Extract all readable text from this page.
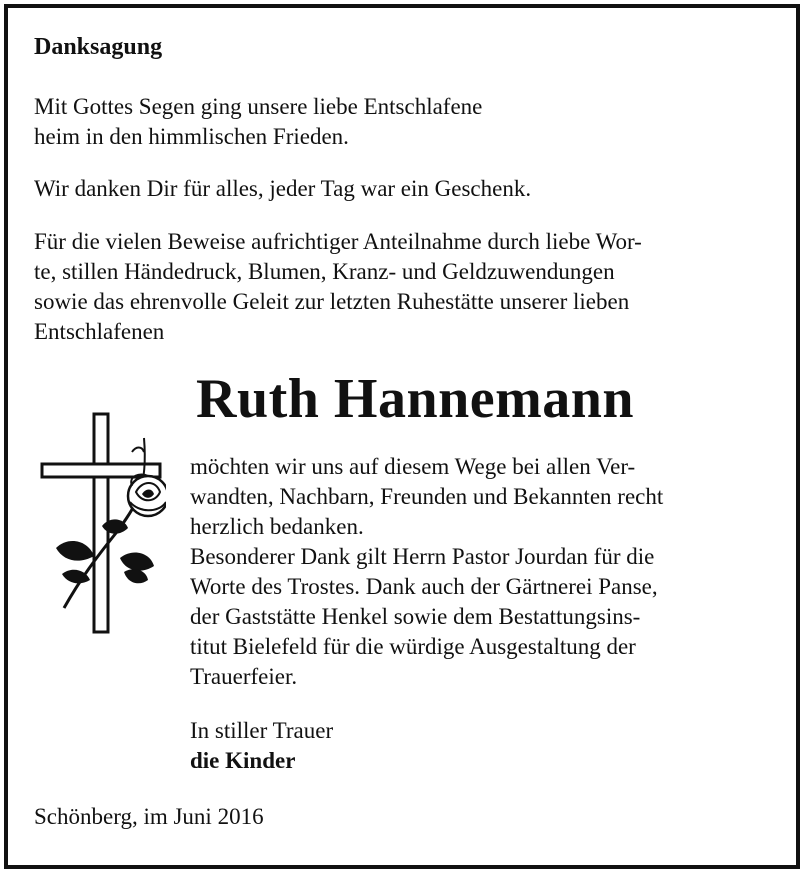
Danksagung
Mit Gottes Segen ging unsere liebe Entschlafene
heim in den himmlischen Frieden.
Wir danken Dir für alles, jeder Tag war ein Geschenk.
Für die vielen Beweise aufrichtiger Anteilnahme durch liebe Wor-
te, stillen Händedruck, Blumen, Kranz- und Geldzuwendungen
sowie das ehrenvolle Geleit zur letzten Ruhestätte unserer lieben
Entschlafenen
Ruth Hannemann
möchten wir uns auf diesem Wege bei allen Ver-
wandten, Nachbarn, Freunden und Bekannten recht
herzlich bedanken.
Besonderer Dank gilt Herrn Pastor Jourdan für die
Worte des Trostes. Dank auch der Gärtnerei Panse,
der Gaststätte Henkel sowie dem Bestattungsins-
titut Bielefeld für die würdige Ausgestaltung der
Trauerfeier.
In stiller Trauer
die Kinder
Schönberg, im Juni 2016
